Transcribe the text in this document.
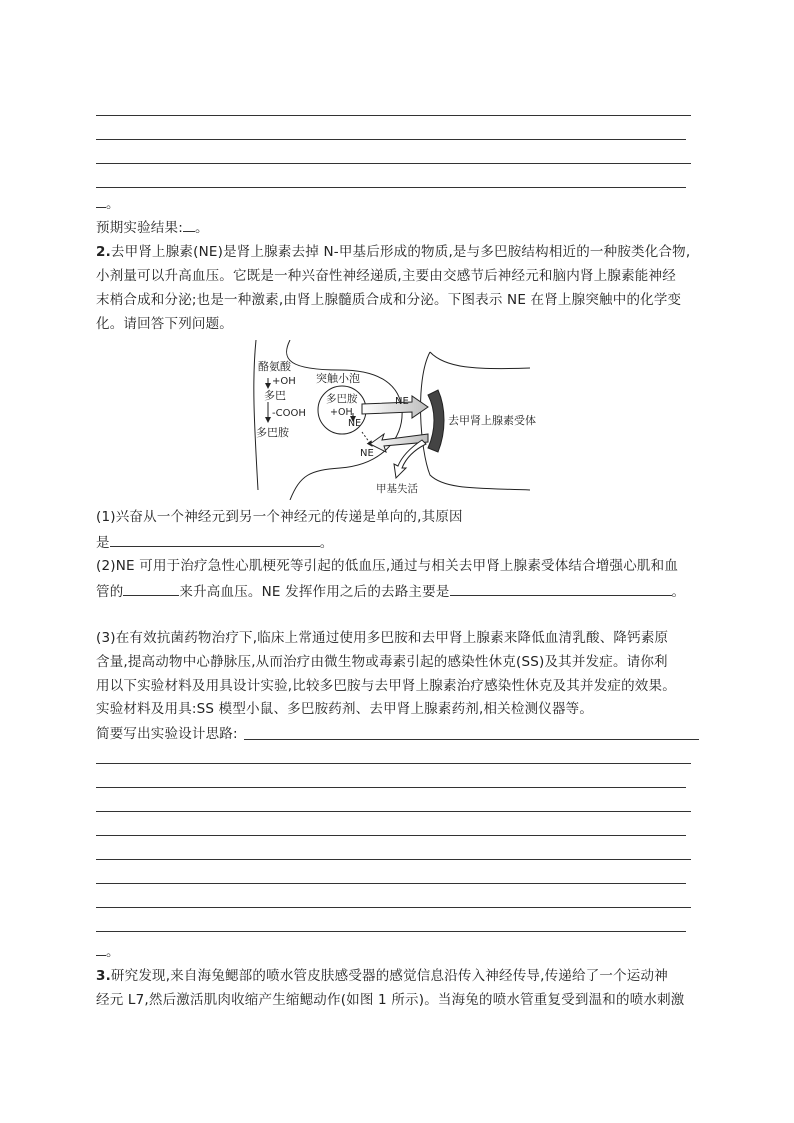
。
预期实验结果: 。
2.去甲肾上腺素(NE)是肾上腺素去掉 N-甲基后形成的物质,是与多巴胺结构相近的一种胺类化合物,
小剂量可以升高血压。它既是一种兴奋性神经递质,主要由交感节后神经元和脑内肾上腺素能神经
末梢合成和分泌;也是一种激素,由肾上腺髓质合成和分泌。下图表示 NE 在肾上腺突触中的化学变
化。请回答下列问题。
酪氨酸
+OH
多巴
-COOH
多巴胺
突触小泡
多巴胺
+OH
NE
NE
NE
去甲肾上腺素受体
甲基失活
(1)兴奋从一个神经元到另一个神经元的传递是单向的,其原因
是	。
(2)NE 可用于治疗急性心肌梗死等引起的低血压,通过与相关去甲肾上腺素受体结合增强心肌和血
管的	来升高血压。NE 发挥作用之后的去路主要是	。
(3)在有效抗菌药物治疗下,临床上常通过使用多巴胺和去甲肾上腺素来降低血清乳酸、降钙素原
含量,提高动物中心静脉压,从而治疗由微生物或毒素引起的感染性休克(SS)及其并发症。请你利
用以下实验材料及用具设计实验,比较多巴胺与去甲肾上腺素治疗感染性休克及其并发症的效果。
实验材料及用具:SS 模型小鼠、多巴胺药剂、去甲肾上腺素药剂,相关检测仪器等。
简要写出实验设计思路:
。
3.研究发现,来自海兔鳃部的喷水管皮肤感受器的感觉信息沿传入神经传导,传递给了一个运动神
经元 L7,然后激活肌肉收缩产生缩鳃动作(如图 1 所示)。当海兔的喷水管重复受到温和的喷水刺激
